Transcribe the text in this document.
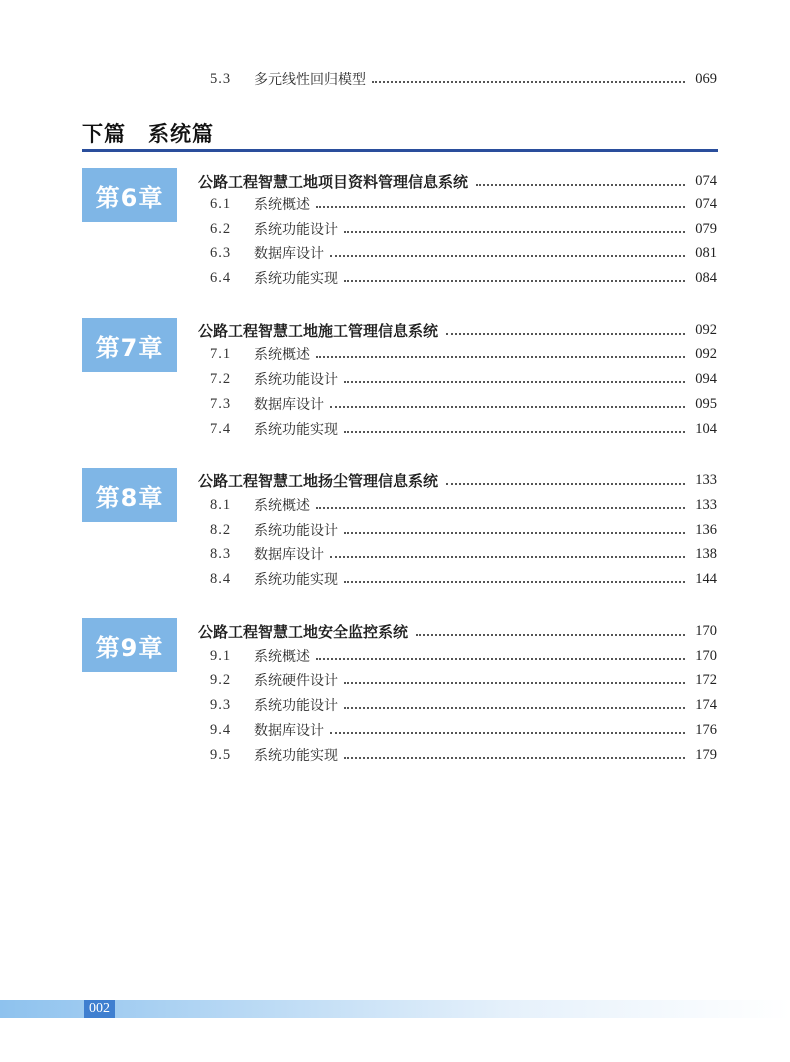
5.3	多元线性回归模型	069
下篇　系统篇
第6章
公路工程智慧工地项目资料管理信息系统	074
6.1	系统概述	074
6.2	系统功能设计	079
6.3	数据库设计	081
6.4	系统功能实现	084
第7章
公路工程智慧工地施工管理信息系统	092
7.1	系统概述	092
7.2	系统功能设计	094
7.3	数据库设计	095
7.4	系统功能实现	104
第8章
公路工程智慧工地扬尘管理信息系统	133
8.1	系统概述	133
8.2	系统功能设计	136
8.3	数据库设计	138
8.4	系统功能实现	144
第9章
公路工程智慧工地安全监控系统	170
9.1	系统概述	170
9.2	系统硬件设计	172
9.3	系统功能设计	174
9.4	数据库设计	176
9.5	系统功能实现	179
002
